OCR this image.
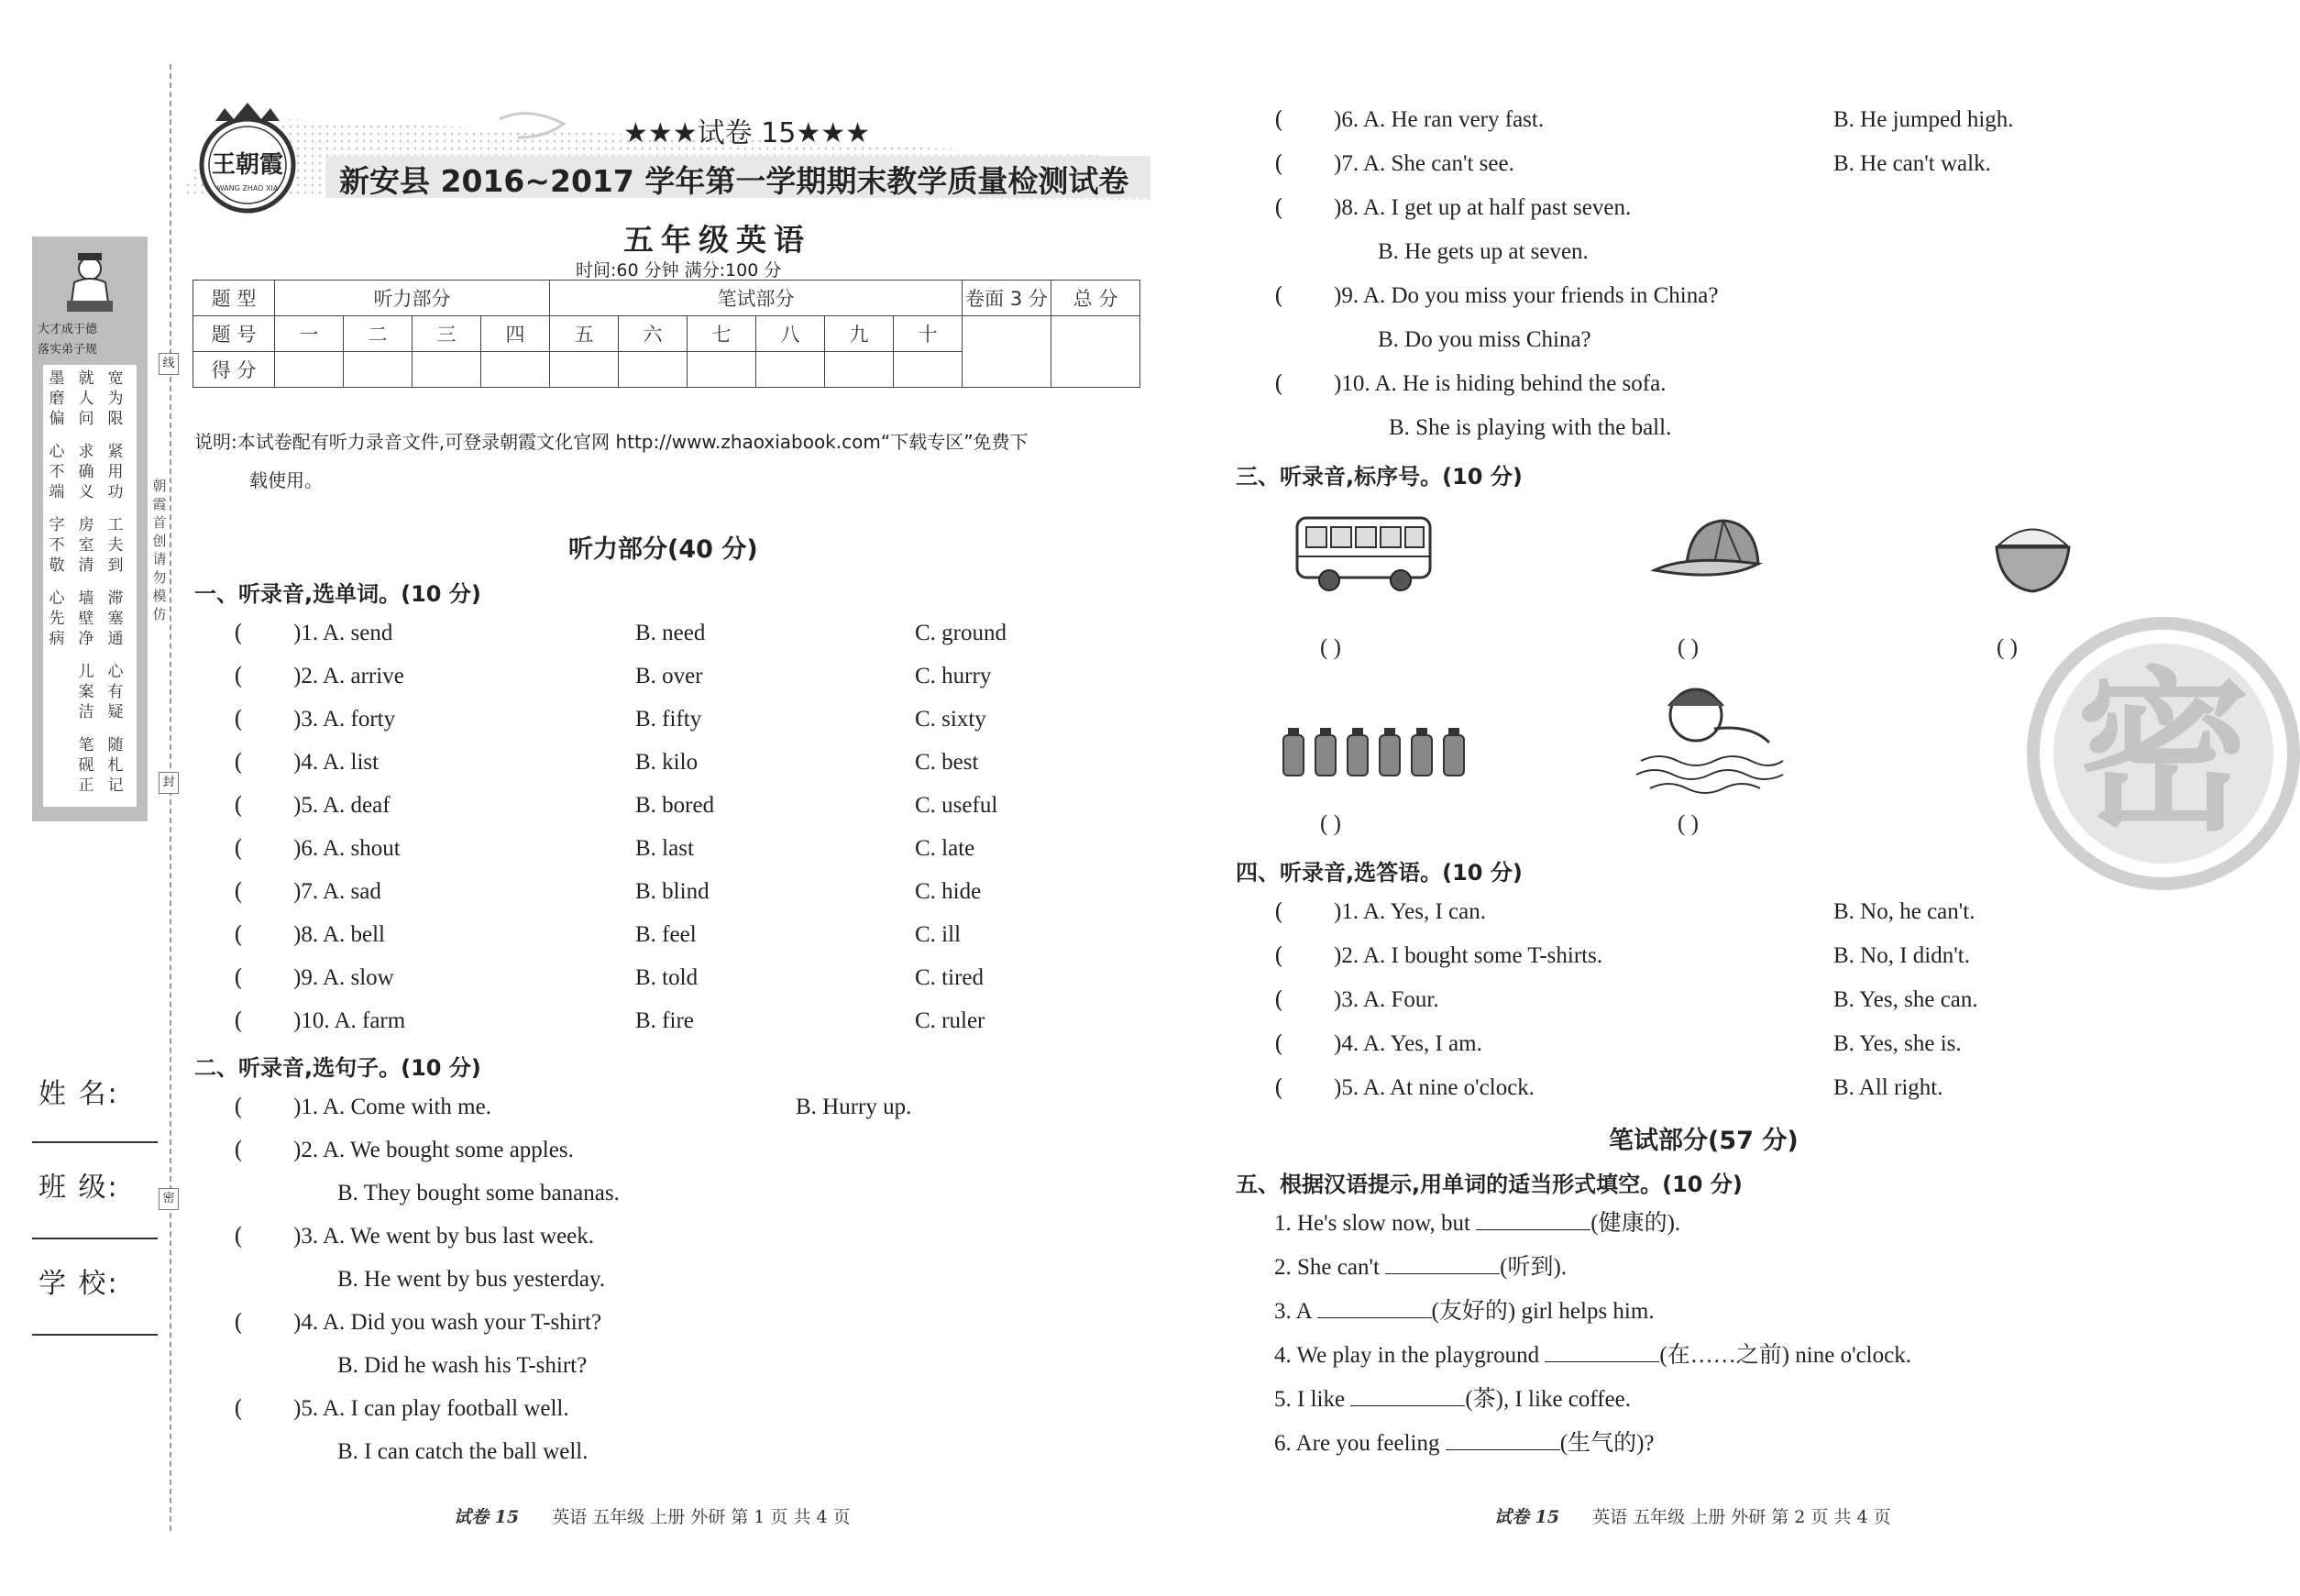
线
封
密
朝霞首创 请勿模仿
大才成于德
落实弟子规
墨磨偏
就人问
宽为限
心不端
求确义
紧用功
字不敬
房室清
工夫到
心先病
墙壁净
滞塞通
儿案洁
心有疑
笔砚正
随札记
姓 名:
班 级:
学 校:
王朝霞
WANG ZHAO XIA
★★★试卷 15★★★
新安县 2016~2017 学年第一学期期末教学质量检测试卷
五年级英语
时间:60 分钟 满分:100 分
题 型	听力部分				笔试部分						卷面 3 分	总 分
题 号	一	二	三	四	五	六	七	八	九	十		
得 分												
说明:本试卷配有听力录音文件,可登录朝霞文化官网 http://www.zhaoxiabook.com“下载专区”免费下
载使用。
听力部分(40 分)
一、听录音,选单词。(10 分)
( )1. A. send	B. need	C. ground
( )2. A. arrive	B. over	C. hurry
( )3. A. forty	B. fifty	C. sixty
( )4. A. list	B. kilo	C. best
( )5. A. deaf	B. bored	C. useful
( )6. A. shout	B. last	C. late
( )7. A. sad	B. blind	C. hide
( )8. A. bell	B. feel	C. ill
( )9. A. slow	B. told	C. tired
( )10. A. farm	B. fire	C. ruler
二、听录音,选句子。(10 分)
( )1. A. Come with me.	B. Hurry up.
( )2. A. We bought some apples.
B. They bought some bananas.
( )3. A. We went by bus last week.
B. He went by bus yesterday.
( )4. A. Did you wash your T-shirt?
B. Did he wash his T-shirt?
( )5. A. I can play football well.
B. I can catch the ball well.
试卷 15 英语 五年级 上册 外研 第 1 页 共 4 页
( )6. A. He ran very fast.	B. He jumped high.
( )7. A. She can't see.	B. He can't walk.
( )8. A. I get up at half past seven.
B. He gets up at seven.
( )9. A. Do you miss your friends in China?
B. Do you miss China?
( )10. A. He is hiding behind the sofa.
B. She is playing with the ball.
三、听录音,标序号。(10 分)
( )	( )	( )
( )	( )
四、听录音,选答语。(10 分)
( )1. A. Yes, I can.	B. No, he can't.
( )2. A. I bought some T-shirts.	B. No, I didn't.
( )3. A. Four.	B. Yes, she can.
( )4. A. Yes, I am.	B. Yes, she is.
( )5. A. At nine o'clock.	B. All right.
笔试部分(57 分)
五、根据汉语提示,用单词的适当形式填空。(10 分)
1. He's slow now, but	(健康的).
2. She can't	(听到).
3. A	(友好的) girl helps him.
4. We play in the playground	(在……之前) nine o'clock.
5. I like	(茶), I like coffee.
6. Are you feeling	(生气的)?
试卷 15 英语 五年级 上册 外研 第 2 页 共 4 页
密
